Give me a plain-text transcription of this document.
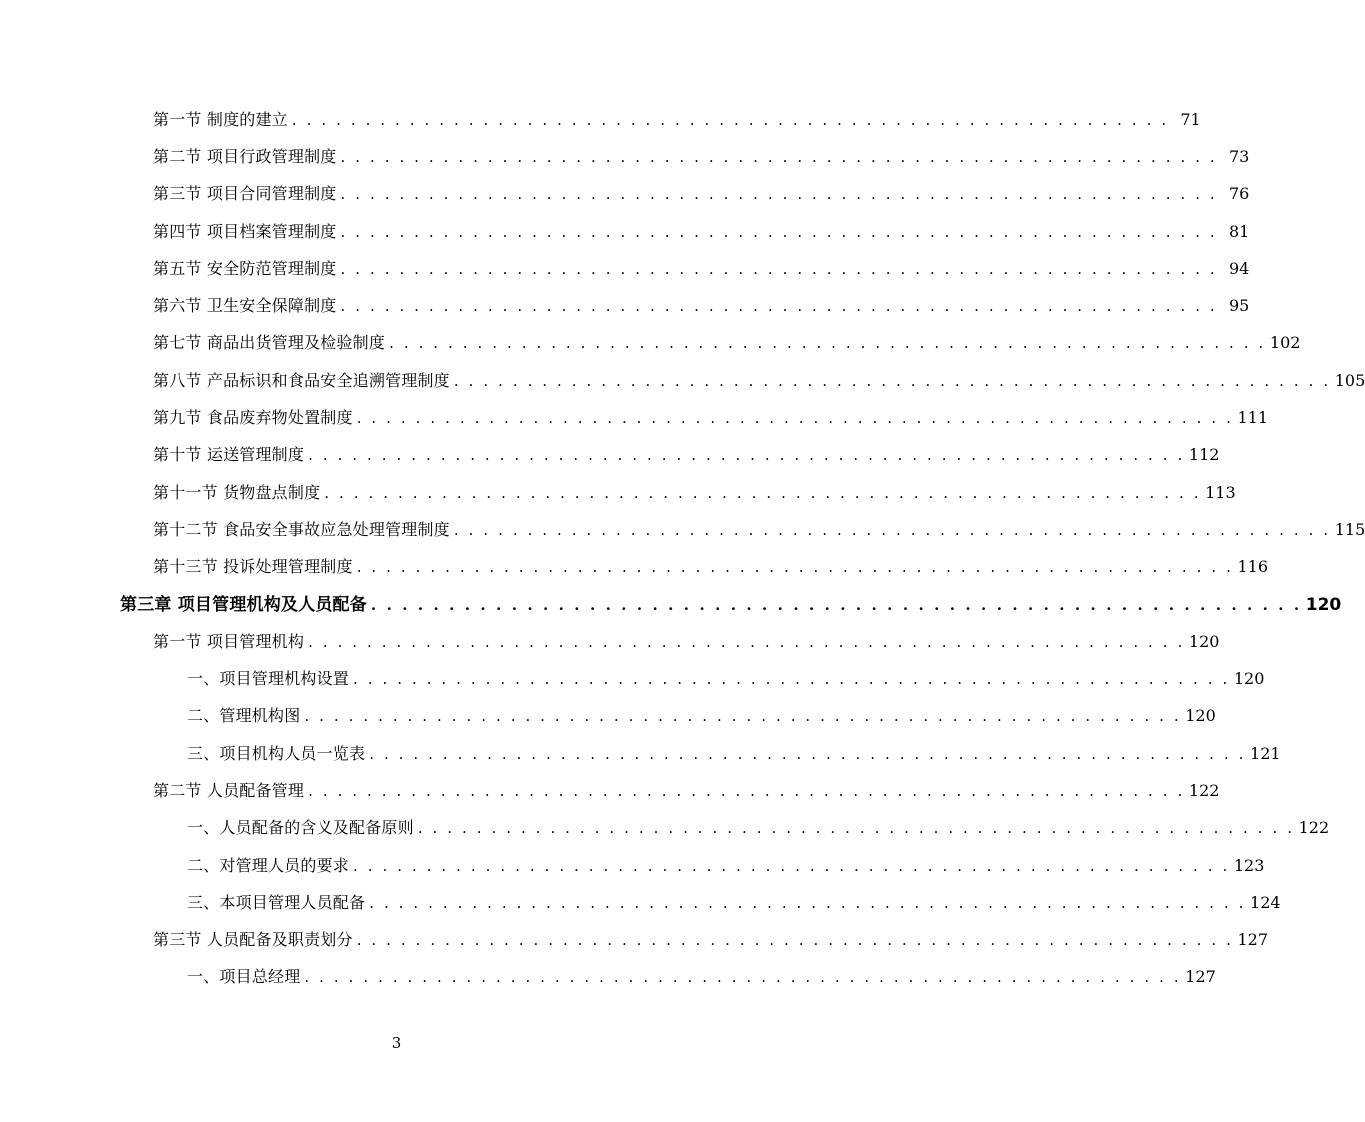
第一节 制度的建立 . . . . . . . . . . . . . . . . . . . . . . . . . . . . . . . . . . . . . . . . . . . . . . . . . . . . . . . . . . . . 71
第二节 项目行政管理制度 . . . . . . . . . . . . . . . . . . . . . . . . . . . . . . . . . . . . . . . . . . . . . . . . . . . . . . . . . . . . 73
第三节 项目合同管理制度 . . . . . . . . . . . . . . . . . . . . . . . . . . . . . . . . . . . . . . . . . . . . . . . . . . . . . . . . . . . . 76
第四节 项目档案管理制度 . . . . . . . . . . . . . . . . . . . . . . . . . . . . . . . . . . . . . . . . . . . . . . . . . . . . . . . . . . . . 81
第五节 安全防范管理制度 . . . . . . . . . . . . . . . . . . . . . . . . . . . . . . . . . . . . . . . . . . . . . . . . . . . . . . . . . . . . 94
第六节 卫生安全保障制度 . . . . . . . . . . . . . . . . . . . . . . . . . . . . . . . . . . . . . . . . . . . . . . . . . . . . . . . . . . . . 95
第七节 商品出货管理及检验制度 . . . . . . . . . . . . . . . . . . . . . . . . . . . . . . . . . . . . . . . . . . . . . . . . . . . . . . . . . . . . 102
第八节 产品标识和食品安全追溯管理制度 . . . . . . . . . . . . . . . . . . . . . . . . . . . . . . . . . . . . . . . . . . . . . . . . . . . . . . . . . . . . 105
第九节 食品废弃物处置制度 . . . . . . . . . . . . . . . . . . . . . . . . . . . . . . . . . . . . . . . . . . . . . . . . . . . . . . . . . . . . 111
第十节 运送管理制度 . . . . . . . . . . . . . . . . . . . . . . . . . . . . . . . . . . . . . . . . . . . . . . . . . . . . . . . . . . . . 112
第十一节 货物盘点制度 . . . . . . . . . . . . . . . . . . . . . . . . . . . . . . . . . . . . . . . . . . . . . . . . . . . . . . . . . . . . 113
第十二节 食品安全事故应急处理管理制度 . . . . . . . . . . . . . . . . . . . . . . . . . . . . . . . . . . . . . . . . . . . . . . . . . . . . . . . . . . . . 115
第十三节 投诉处理管理制度 . . . . . . . . . . . . . . . . . . . . . . . . . . . . . . . . . . . . . . . . . . . . . . . . . . . . . . . . . . . . 116
第三章 项目管理机构及人员配备 . . . . . . . . . . . . . . . . . . . . . . . . . . . . . . . . . . . . . . . . . . . . . . . . . . . . . . . . . . . . 120
第一节 项目管理机构 . . . . . . . . . . . . . . . . . . . . . . . . . . . . . . . . . . . . . . . . . . . . . . . . . . . . . . . . . . . . 120
一、项目管理机构设置 . . . . . . . . . . . . . . . . . . . . . . . . . . . . . . . . . . . . . . . . . . . . . . . . . . . . . . . . . . . . 120
二、管理机构图 . . . . . . . . . . . . . . . . . . . . . . . . . . . . . . . . . . . . . . . . . . . . . . . . . . . . . . . . . . . . 120
三、项目机构人员一览表 . . . . . . . . . . . . . . . . . . . . . . . . . . . . . . . . . . . . . . . . . . . . . . . . . . . . . . . . . . . . 121
第二节 人员配备管理 . . . . . . . . . . . . . . . . . . . . . . . . . . . . . . . . . . . . . . . . . . . . . . . . . . . . . . . . . . . . 122
一、人员配备的含义及配备原则 . . . . . . . . . . . . . . . . . . . . . . . . . . . . . . . . . . . . . . . . . . . . . . . . . . . . . . . . . . . . 122
二、对管理人员的要求 . . . . . . . . . . . . . . . . . . . . . . . . . . . . . . . . . . . . . . . . . . . . . . . . . . . . . . . . . . . . 123
三、本项目管理人员配备 . . . . . . . . . . . . . . . . . . . . . . . . . . . . . . . . . . . . . . . . . . . . . . . . . . . . . . . . . . . . 124
第三节 人员配备及职责划分 . . . . . . . . . . . . . . . . . . . . . . . . . . . . . . . . . . . . . . . . . . . . . . . . . . . . . . . . . . . . 127
一、项目总经理 . . . . . . . . . . . . . . . . . . . . . . . . . . . . . . . . . . . . . . . . . . . . . . . . . . . . . . . . . . . . 127
3
